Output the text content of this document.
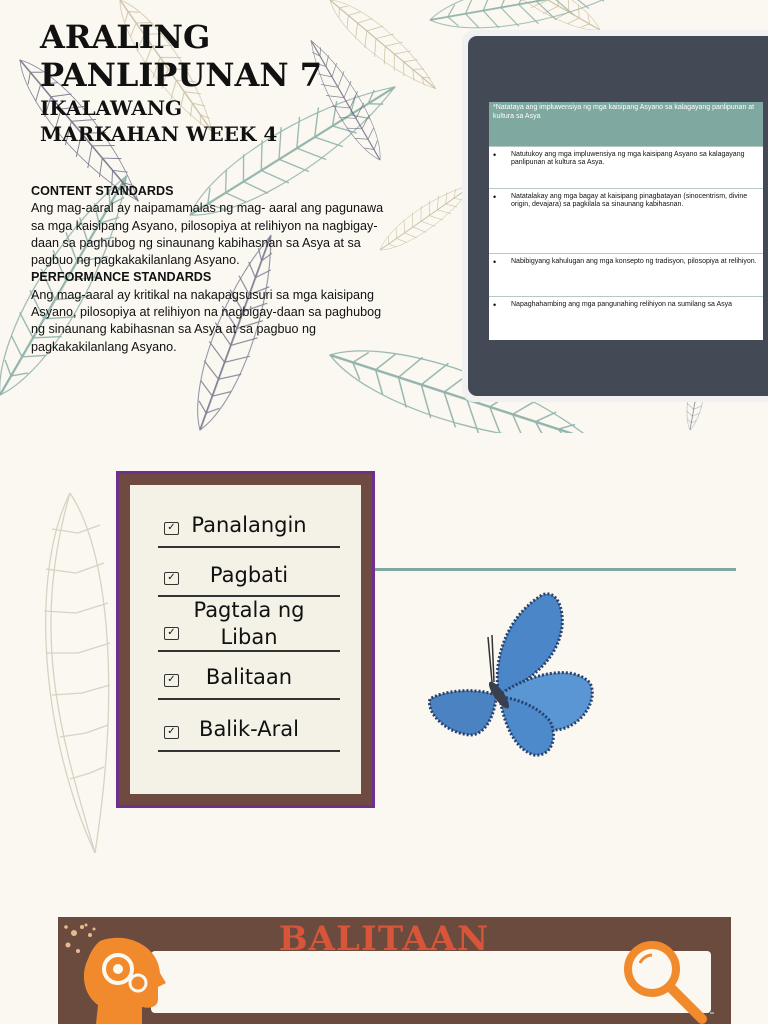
ARALING
PANLIPUNAN 7
IKALAWANG
MARKAHAN WEEK 4
CONTENT STANDARDS

Ang mag-aaral ay naipamamalas ng mag- aaral ang pagunawa sa mga kaisipang Asyano, pilosopiya at relihiyon na nagbigay-daan sa paghubog ng sinaunang kabihasnan sa Asya at sa pagbuo ng pagkakakilanlang Asyano.

PERFORMANCE STANDARDS

Ang mag-aaral ay kritikal na nakapagsusuri sa mga kaisipang Asyano, pilosopiya at relihiyon na nagbigay-daan sa paghubog ng sinaunang kabihasnan sa Asya at sa pagbuo ng pagkakakilanlang Asyano.

*Natataya ang impluwensiya ng mga kaisipang Asyano sa kalagayang panlipunan at kultura sa Asya

•	Natutukoy ang mga impluwensiya ng mga kaisipang Asyano sa kalagayang panlipunan at kultura sa Asya.

•	Natatalakay ang mga bagay at kaisipang pinagbatayan (sinocentrism, divine origin, devajara) sa pagkilala sa sinaunang kabihasnan.

•	Nabibigyang kahulugan ang mga konsepto ng tradisyon, pilosopiya at relihiyon.

•	Napaghahambing ang mga pangunahing relihiyon na sumilang sa Asya
✓ Panalangin
✓ Pagbati
✓
Pagtala ng Liban
✓ Balitaan
✓ Balik-Aral
BALITAAN
